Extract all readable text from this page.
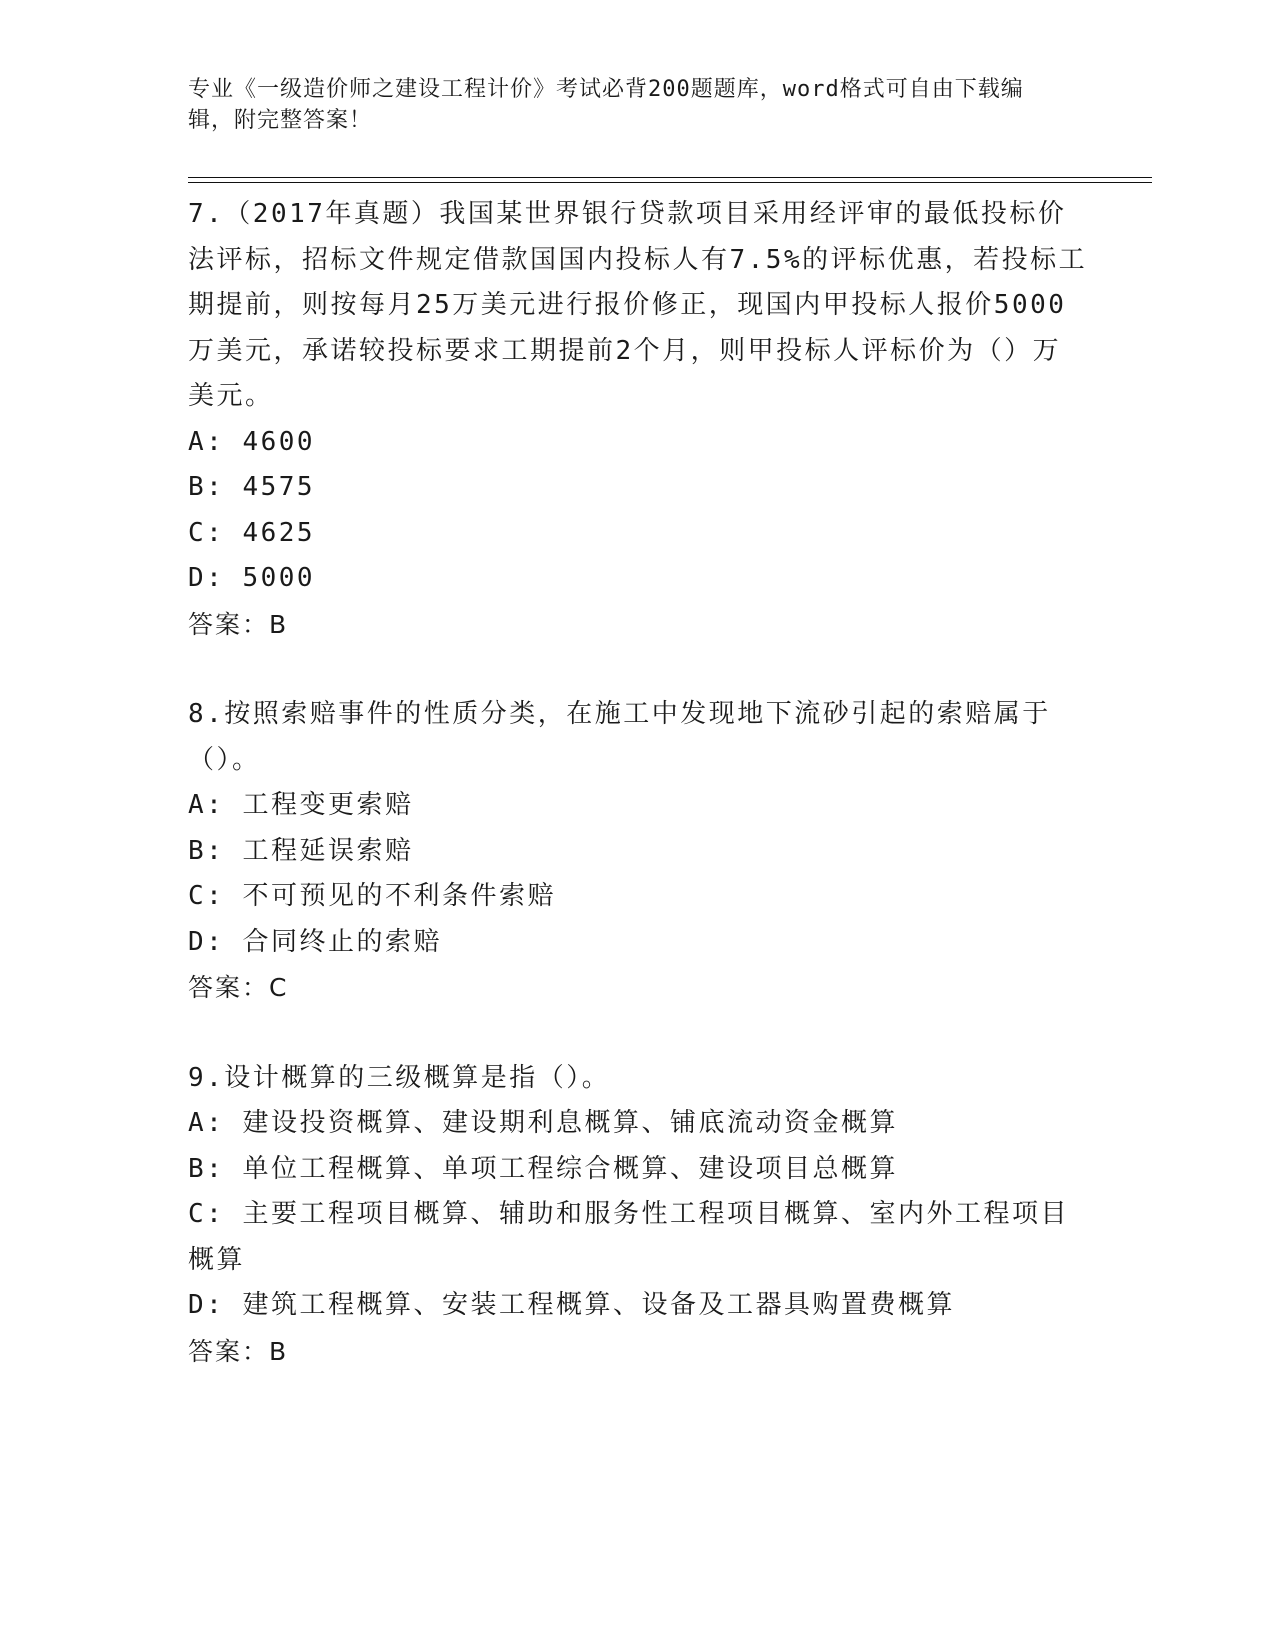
专业《一级造价师之建设工程计价》考试必背200题题库，word格式可自由下载编辑，附完整答案！

7.（2017年真题）我国某世界银行贷款项目采用经评审的最低投标价法评标，招标文件规定借款国国内投标人有7.5%的评标优惠，若投标工期提前，则按每月25万美元进行报价修正，现国内甲投标人报价5000万美元，承诺较投标要求工期提前2个月，则甲投标人评标价为（）万美元。

A: 4600

B: 4575

C: 4625

D: 5000

答案：B

8.按照索赔事件的性质分类，在施工中发现地下流砂引起的索赔属于（）。

A: 工程变更索赔

B: 工程延误索赔

C: 不可预见的不利条件索赔

D: 合同终止的索赔

答案：C

9.设计概算的三级概算是指（）。

A: 建设投资概算、建设期利息概算、铺底流动资金概算

B: 单位工程概算、单项工程综合概算、建设项目总概算

C: 主要工程项目概算、辅助和服务性工程项目概算、室内外工程项目概算

D: 建筑工程概算、安装工程概算、设备及工器具购置费概算

答案：B
